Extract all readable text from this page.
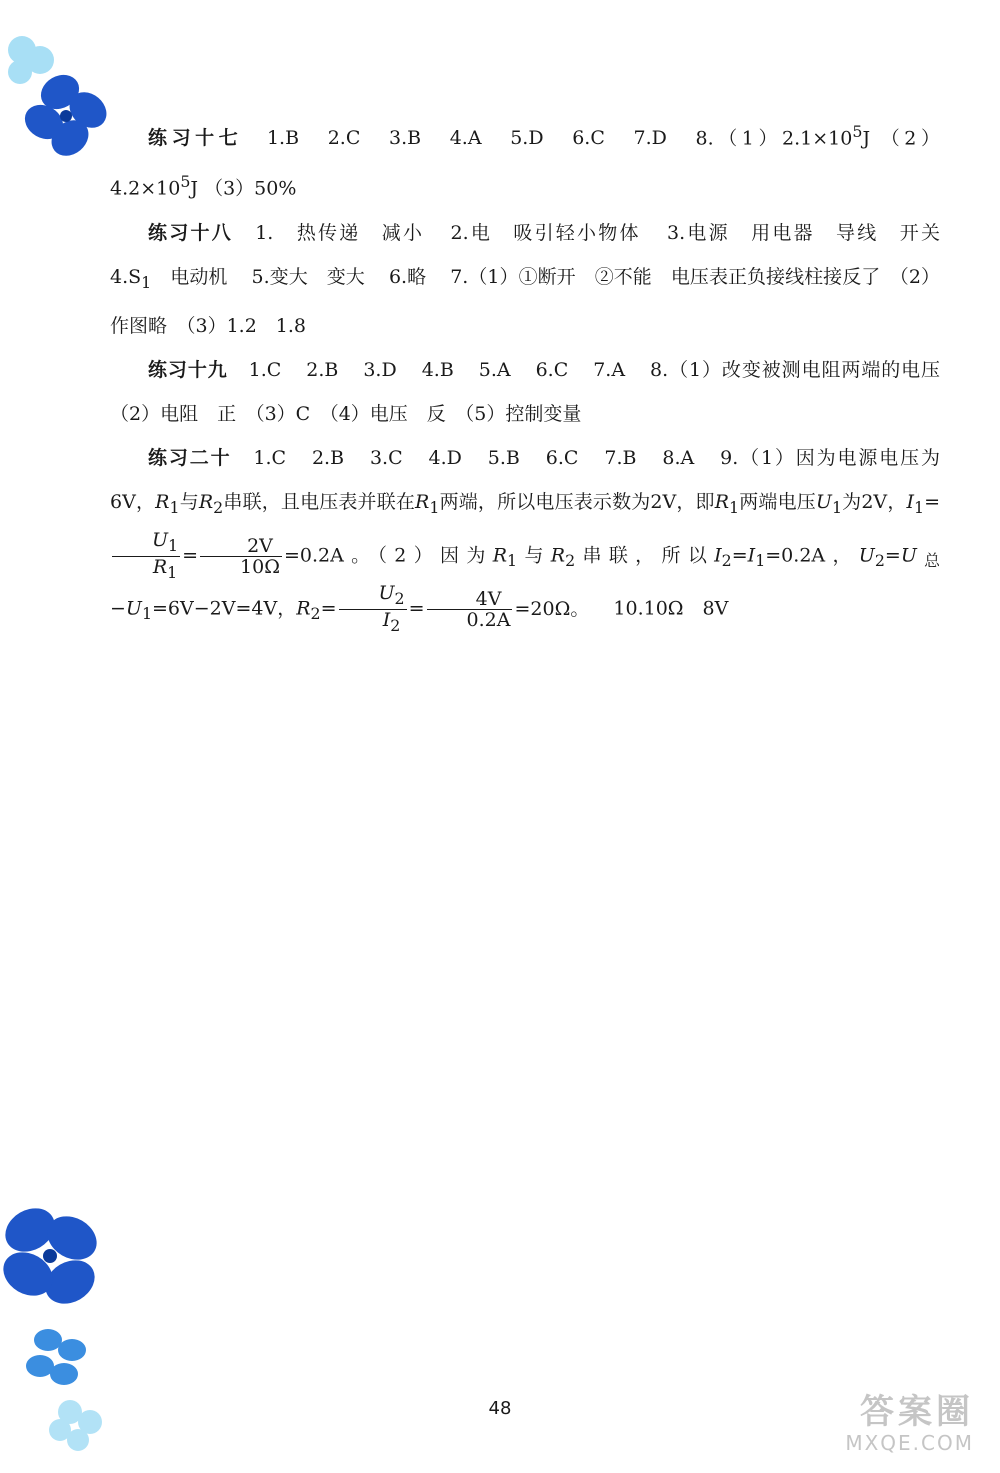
练习十七 1.B 2.C 3.B 4.A 5.D 6.C 7.D $8.(1)2.1\times 10^5J$ $(2)4.2\times 10^5J$ （3）50%

练习十八 1.　热传递　减小 2.电　吸引轻小物体 3.电源　用电器　导线　开关 $4.S_1$　电动机 5.变大　变大 6.略 7.（1）①断开　②不能　电压表正负接线柱接反了　（2）作图略　（3）1.2　1.8

练习十九 1.C 2.B 3.D 4.B 5.A 6.C 7.A 8.（1）改变被测电阻两端的电压　（2）电阻　正　（3）C　（4）电压　反　（5）控制变量

练习二十 1.C 2.B 3.C 4.D 5.B 6.C 7.B 8.A 9.（1）因为电源电压为6V，$R_1$与$R_2$串联，且电压表并联在$R_1$两端，所以电压表示数为2V，即$R_1$两端电压$U_1$为2V，$I_1=$
$\frac{U_1}{R_1} = \frac{2V}{10\Omega} =0.2A$。（2）因为$R_1$与$R_2$串联，所以$I_2=I_1=0.2A$，$U_2=U_总-U_1=6V-2V=4V$，$R_2= \frac{U_2}{I_2} = \frac{4V}{0.2A} =20\Omega$。 10.10Ω　8V

48	答案圈
MXQE.COM
